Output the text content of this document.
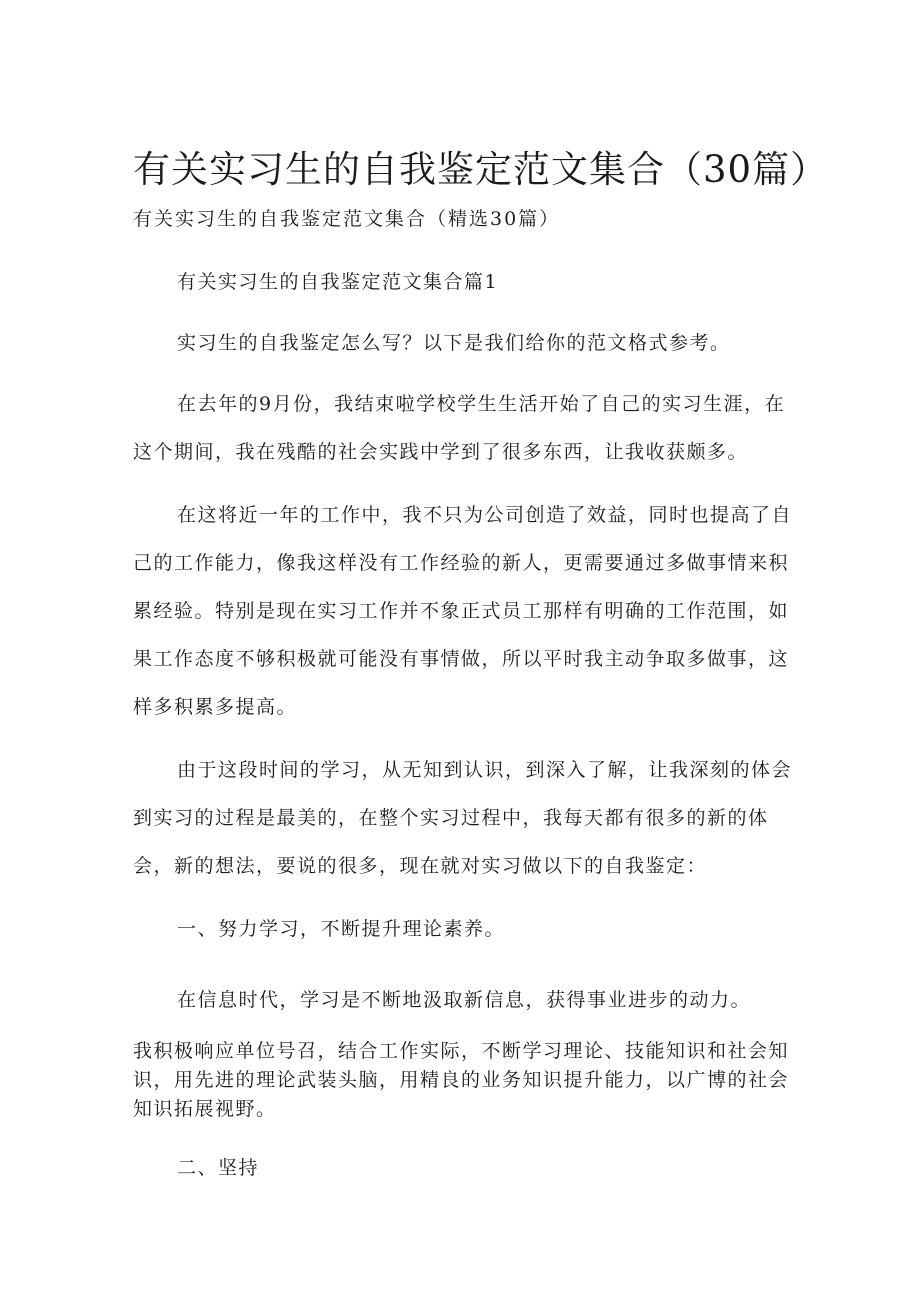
有关实习生的自我鉴定范文集合（30篇）
有关实习生的自我鉴定范文集合（精选30篇）
有关实习生的自我鉴定范文集合篇1
实习生的自我鉴定怎么写？以下是我们给你的范文格式参考。
在去年的9月份，我结束啦学校学生生活开始了自己的实习生涯，在这个期间，我在残酷的社会实践中学到了很多东西，让我收获颇多。
在这将近一年的工作中，我不只为公司创造了效益，同时也提高了自己的工作能力，像我这样没有工作经验的新人，更需要通过多做事情来积累经验。特别是现在实习工作并不象正式员工那样有明确的工作范围，如果工作态度不够积极就可能没有事情做，所以平时我主动争取多做事，这样多积累多提高。
由于这段时间的学习，从无知到认识，到深入了解，让我深刻的体会到实习的过程是最美的，在整个实习过程中，我每天都有很多的新的体会，新的想法，要说的很多，现在就对实习做以下的自我鉴定：
一、努力学习，不断提升理论素养。
在信息时代，学习是不断地汲取新信息，获得事业进步的动力。
我积极响应单位号召，结合工作实际，不断学习理论、技能知识和社会知识，用先进的理论武装头脑，用精良的业务知识提升能力，以广博的社会知识拓展视野。
二、坚持
